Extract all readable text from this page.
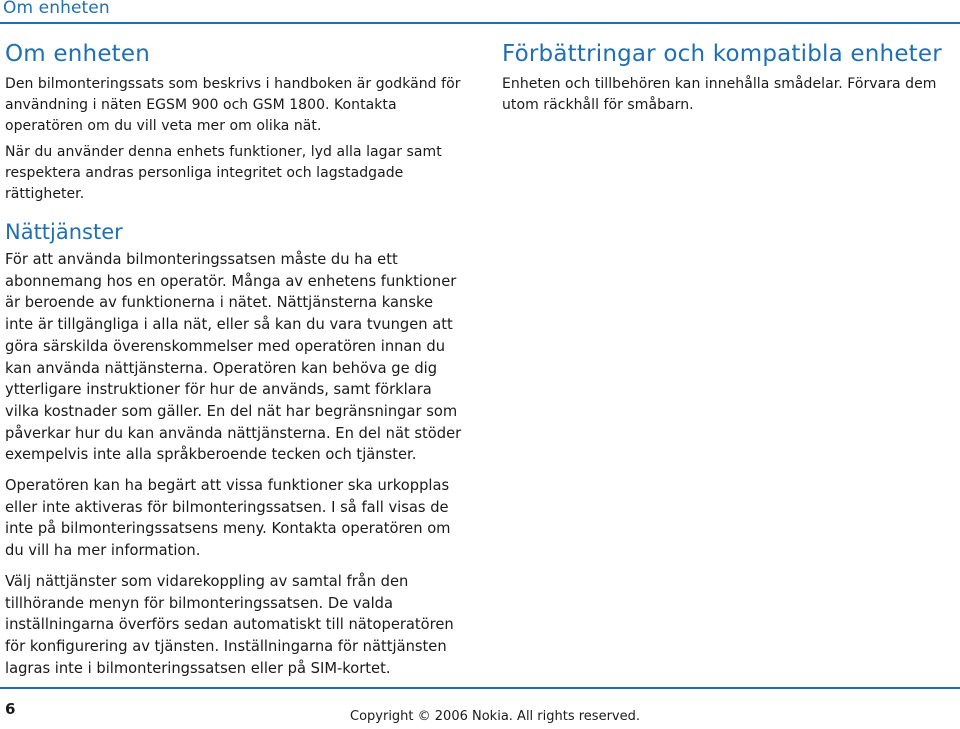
Om enheten
Om enheten

Den bilmonteringssats som beskrivs i handboken är godkänd för användning i näten EGSM 900 och GSM 1800. Kontakta operatören om du vill veta mer om olika nät.

När du använder denna enhets funktioner, lyd alla lagar samt respektera andras personliga integritet och lagstadgade rättigheter.

Nättjänster

För att använda bilmonteringssatsen måste du ha ett abonnemang hos en operatör. Många av enhetens funktioner är beroende av funktionerna i nätet. Nättjänsterna kanske inte är tillgängliga i alla nät, eller så kan du vara tvungen att göra särskilda överenskommelser med operatören innan du kan använda nättjänsterna. Operatören kan behöva ge dig ytterligare instruktioner för hur de används, samt förklara vilka kostnader som gäller. En del nät har begränsningar som påverkar hur du kan använda nättjänsterna. En del nät stöder exempelvis inte alla språkberoende tecken och tjänster.

Operatören kan ha begärt att vissa funktioner ska urkopplas eller inte aktiveras för bilmonteringssatsen. I så fall visas de inte på bilmonteringssatsens meny. Kontakta operatören om du vill ha mer information.

Välj nättjänster som vidarekoppling av samtal från den tillhörande menyn för bilmonteringssatsen. De valda inställningarna överförs sedan automatiskt till nätoperatören för konfigurering av tjänsten. Inställningarna för nättjänsten lagras inte i bilmonteringssatsen eller på SIM-kortet.

Förbättringar och kompatibla enheter

Enheten och tillbehören kan innehålla smådelar. Förvara dem utom räckhåll för småbarn.

6	Copyright © 2006 Nokia. All rights reserved.
